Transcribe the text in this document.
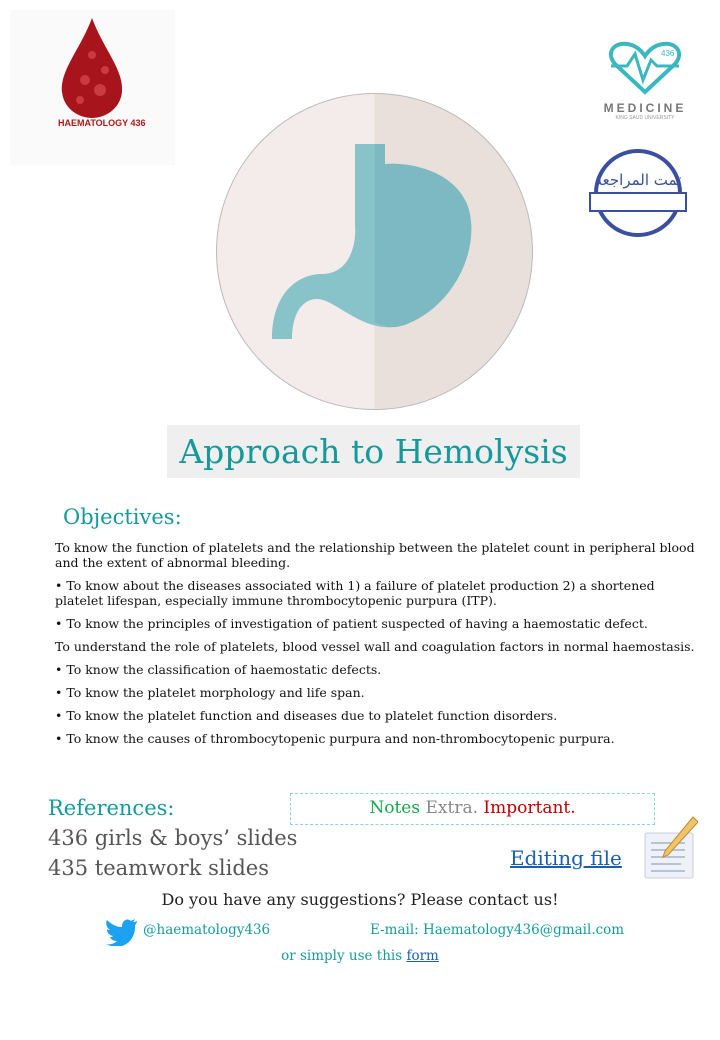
HAEMATOLOGY 436
436
MEDICINE
KING SAUD UNIVERSITY
تمت المراجعة
Approach to Hemolysis
Objectives:

To know the function of platelets and the relationship between the platelet count in peripheral blood and the extent of abnormal bleeding.

• To know about the diseases associated with 1) a failure of platelet production 2) a shortened platelet lifespan, especially immune thrombocytopenic purpura (ITP).

• To know the principles of investigation of patient suspected of having a haemostatic defect.

To understand the role of platelets, blood vessel wall and coagulation factors in normal haemostasis.

• To know the classification of haemostatic defects.

• To know the platelet morphology and life span.

• To know the platelet function and diseases due to platelet function disorders.

• To know the causes of thrombocytopenic purpura and non-thrombocytopenic purpura.

References:
436 girls & boys’ slides
435 teamwork slides
Notes Extra. Important.
Editing file
Do you have any suggestions? Please contact us!
@haematology436	E-mail: Haematology436@gmail.com
or simply use this form
